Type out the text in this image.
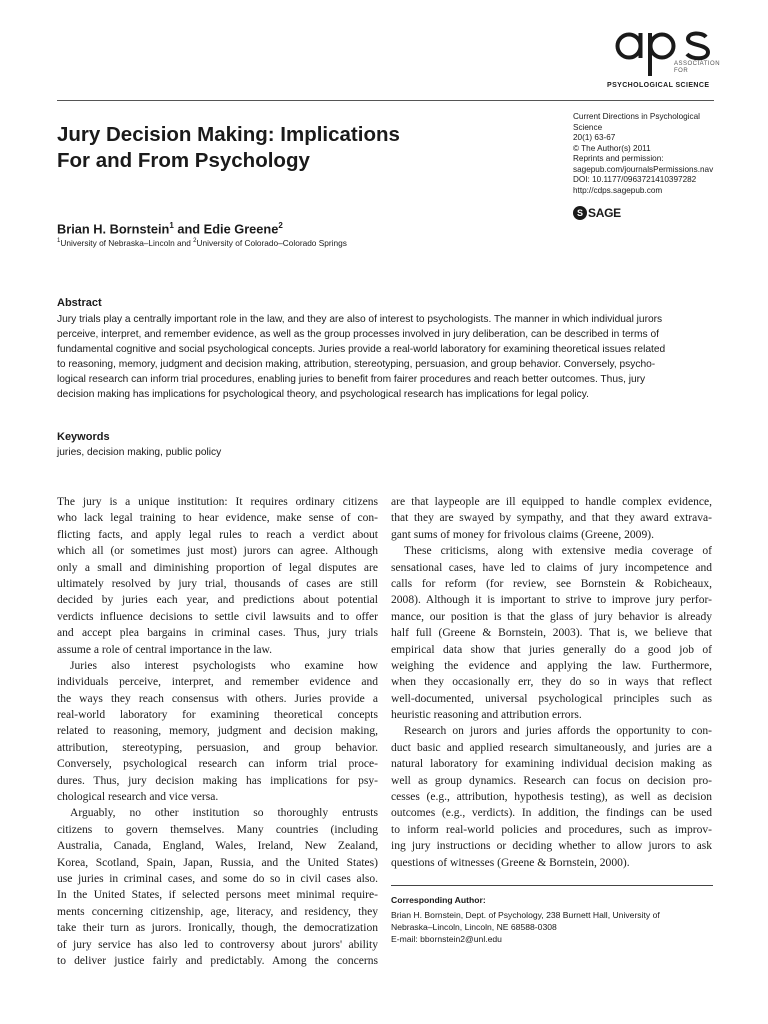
ASSOCIATION FOR
PSYCHOLOGICAL SCIENCE
Jury Decision Making: Implications
For and From Psychology
Current Directions in Psychological
Science
20(1) 63-67
© The Author(s) 2011
Reprints and permission:
sagepub.com/journalsPermissions.nav
DOI: 10.1177/0963721410397282
http://cdps.sagepub.com
S SAGE
Brian H. Bornstein$^1$ and Edie Greene$^2$
$^1$University of Nebraska–Lincoln and $^2$University of Colorado–Colorado Springs
Abstract
Jury trials play a centrally important role in the law, and they are also of interest to psychologists. The manner in which individual jurors
perceive, interpret, and remember evidence, as well as the group processes involved in jury deliberation, can be described in terms of
fundamental cognitive and social psychological concepts. Juries provide a real-world laboratory for examining theoretical issues related
to reasoning, memory, judgment and decision making, attribution, stereotyping, persuasion, and group behavior. Conversely, psycho-
logical research can inform trial procedures, enabling juries to benefit from fairer procedures and reach better outcomes. Thus, jury
decision making has implications for psychological theory, and psychological research has implications for legal policy.
Keywords
juries, decision making, public policy
The jury is a unique institution: It requires ordinary citizens
who lack legal training to hear evidence, make sense of con-
flicting facts, and apply legal rules to reach a verdict about
which all (or sometimes just most) jurors can agree. Although
only a small and diminishing proportion of legal disputes are
ultimately resolved by jury trial, thousands of cases are still
decided by juries each year, and predictions about potential
verdicts influence decisions to settle civil lawsuits and to offer
and accept plea bargains in criminal cases. Thus, jury trials
assume a role of central importance in the law.
Juries also interest psychologists who examine how
individuals perceive, interpret, and remember evidence and
the ways they reach consensus with others. Juries provide a
real-world laboratory for examining theoretical concepts
related to reasoning, memory, judgment and decision making,
attribution, stereotyping, persuasion, and group behavior.
Conversely, psychological research can inform trial proce-
dures. Thus, jury decision making has implications for psy-
chological research and vice versa.
Arguably, no other institution so thoroughly entrusts
citizens to govern themselves. Many countries (including
Australia, Canada, England, Wales, Ireland, New Zealand,
Korea, Scotland, Spain, Japan, Russia, and the United States)
use juries in criminal cases, and some do so in civil cases also.
In the United States, if selected persons meet minimal require-
ments concerning citizenship, age, literacy, and residency, they
take their turn as jurors. Ironically, though, the democratization
of jury service has also led to controversy about jurors' ability
to deliver justice fairly and predictably. Among the concerns
are that laypeople are ill equipped to handle complex evidence,
that they are swayed by sympathy, and that they award extrava-
gant sums of money for frivolous claims (Greene, 2009).
These criticisms, along with extensive media coverage of
sensational cases, have led to claims of jury incompetence and
calls for reform (for review, see Bornstein & Robicheaux,
2008). Although it is important to strive to improve jury perfor-
mance, our position is that the glass of jury behavior is already
half full (Greene & Bornstein, 2003). That is, we believe that
empirical data show that juries generally do a good job of
weighing the evidence and applying the law. Furthermore,
when they occasionally err, they do so in ways that reflect
well-documented, universal psychological principles such as
heuristic reasoning and attribution errors.
Research on jurors and juries affords the opportunity to con-
duct basic and applied research simultaneously, and juries are a
natural laboratory for examining individual decision making as
well as group dynamics. Research can focus on decision pro-
cesses (e.g., attribution, hypothesis testing), as well as decision
outcomes (e.g., verdicts). In addition, the findings can be used
to inform real-world policies and procedures, such as improv-
ing jury instructions or deciding whether to allow jurors to ask
questions of witnesses (Greene & Bornstein, 2000).
Corresponding Author:
Brian H. Bornstein, Dept. of Psychology, 238 Burnett Hall, University of
Nebraska–Lincoln, Lincoln, NE 68588-0308
E-mail: bbornstein2@unl.edu
